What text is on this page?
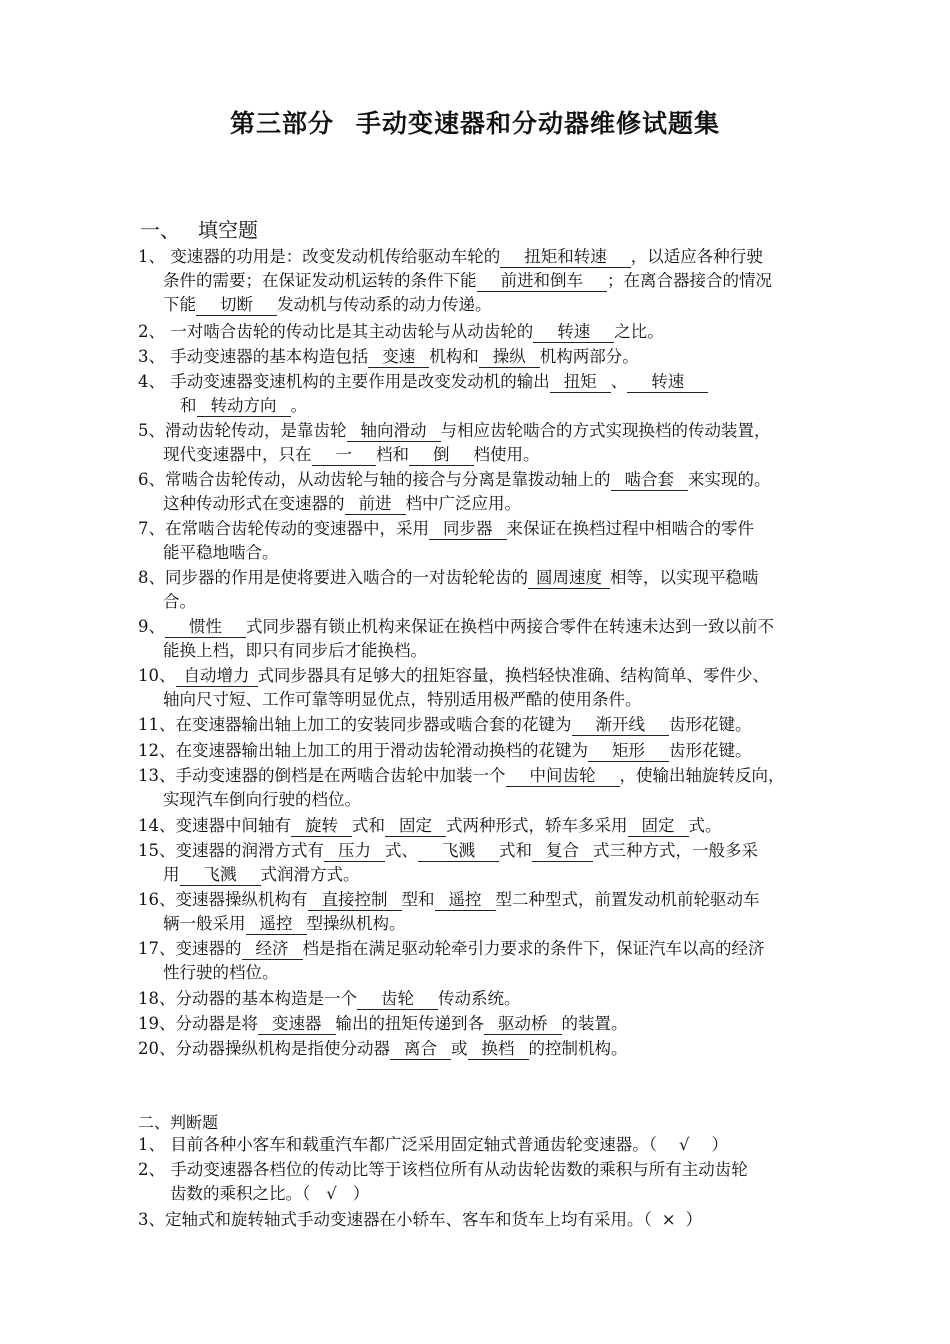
第三部分 手动变速器和分动器维修试题集
一、 填空题
1、 变速器的功用是：改变发动机传给驱动车轮的 扭矩和转速 ，以适应各种行驶
条件的需要；在保证发动机运转的条件下能 前进和倒车 ；在离合器接合的情况
下能 切断 发动机与传动系的动力传递。
2、 一对啮合齿轮的传动比是其主动齿轮与从动齿轮的 转速 之比。
3、 手动变速器的基本构造包括 变速 机构和 操纵 机构两部分。
4、 手动变速器变速机构的主要作用是改变发动机的输出 扭矩 、 转速
和 转动方向 。
5、滑动齿轮传动，是靠齿轮 轴向滑动 与相应齿轮啮合的方式实现换档的传动装置，
现代变速器中，只在 一 档和 倒 档使用。
6、常啮合齿轮传动，从动齿轮与轴的接合与分离是靠拨动轴上的 啮合套 来实现的。
这种传动形式在变速器的 前进 档中广泛应用。
7、在常啮合齿轮传动的变速器中，采用 同步器 来保证在换档过程中相啮合的零件
能平稳地啮合。
8、同步器的作用是使将要进入啮合的一对齿轮轮齿的 圆周速度 相等，以实现平稳啮
合。
9、 惯性 式同步器有锁止机构来保证在换档中两接合零件在转速未达到一致以前不
能换上档，即只有同步后才能换档。
10、 自动增力 式同步器具有足够大的扭矩容量，换档轻快准确、结构简单、零件少、
轴向尺寸短、工作可靠等明显优点，特别适用极严酷的使用条件。
11、在变速器输出轴上加工的安装同步器或啮合套的花键为 渐开线 齿形花键。
12、在变速器输出轴上加工的用于滑动齿轮滑动换档的花键为 矩形 齿形花键。
13、手动变速器的倒档是在两啮合齿轮中加装一个 中间齿轮 ，使输出轴旋转反向，
实现汽车倒向行驶的档位。
14、变速器中间轴有 旋转 式和 固定 式两种形式，轿车多采用 固定 式。
15、变速器的润滑方式有 压力 式、 飞溅 式和 复合 式三种方式，一般多采
用 飞溅 式润滑方式。
16、变速器操纵机构有 直接控制 型和 遥控 型二种型式，前置发动机前轮驱动车
辆一般采用 遥控 型操纵机构。
17、变速器的 经济 档是指在满足驱动轮牵引力要求的条件下，保证汽车以高的经济
性行驶的档位。
18、分动器的基本构造是一个 齿轮 传动系统。
19、分动器是将 变速器 输出的扭矩传递到各 驱动桥 的装置。
20、分动器操纵机构是指使分动器 离合 或 换档 的控制机构。
二、判断题
1、 目前各种小客车和载重汽车都广泛采用固定轴式普通齿轮变速器。（ √ ）
2、 手动变速器各档位的传动比等于该档位所有从动齿轮齿数的乘积与所有主动齿轮
齿数的乘积之比。（ √ ）
3、定轴式和旋转轴式手动变速器在小轿车、客车和货车上均有采用。（ × ）
